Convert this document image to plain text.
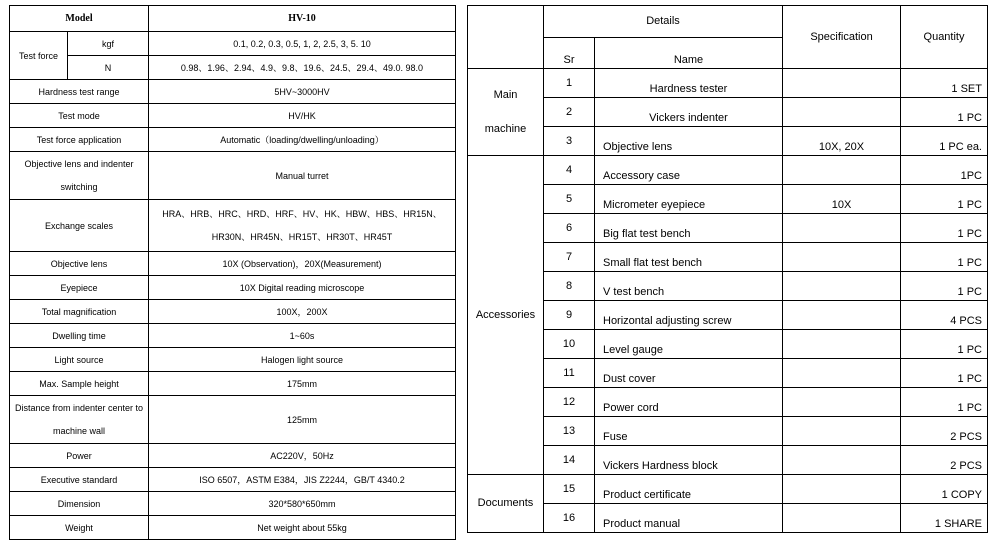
Model		HV-10
Test force	kgf	0.1, 0.2, 0.3, 0.5, 1, 2, 2.5, 3, 5. 10
	N	0.98、1.96、2.94、4.9、9.8、19.6、24.5、29.4、49.0. 98.0
Hardness test range		5HV~3000HV
Test mode		HV/HK
Test force application		Automatic（loading/dwelling/unloading）
Objective lens and indenter switching		Manual turret
Exchange scales		HRA、HRB、HRC、HRD、HRF、HV、HK、HBW、HBS、HR15N、HR30N、HR45N、HR15T、HR30T、HR45T
Objective lens		10X (Observation)，20X(Measurement)
Eyepiece		10X Digital reading microscope
Total magnification		100X，200X
Dwelling time		1~60s
Light source		Halogen light source
Max. Sample height		175mm
Distance from indenter center to machine wall		125mm
Power		AC220V，50Hz
Executive standard		ISO 6507，ASTM E384，JIS Z2244，GB/T 4340.2
Dimension		320*580*650mm
Weight		Net weight about 55kg
	Details		Specification	Quantity
	Sr	Name		

Main machine	1	Hardness tester		1 SET
	2	Vickers indenter		1 PC
	3	Objective lens	10X, 20X	1 PC ea.
Accessories	4	Accessory case		1PC
	5	Micrometer eyepiece	10X	1 PC
	6	Big flat test bench		1 PC
	7	Small flat test bench		1 PC
	8	V test bench		1 PC
	9	Horizontal adjusting screw		4 PCS
	10	Level gauge		1 PC
	11	Dust cover		1 PC
	12	Power cord		1 PC
	13	Fuse		2 PCS
	14	Vickers Hardness block		2 PCS
Documents	15	Product certificate		1 COPY
	16	Product manual		1 SHARE
